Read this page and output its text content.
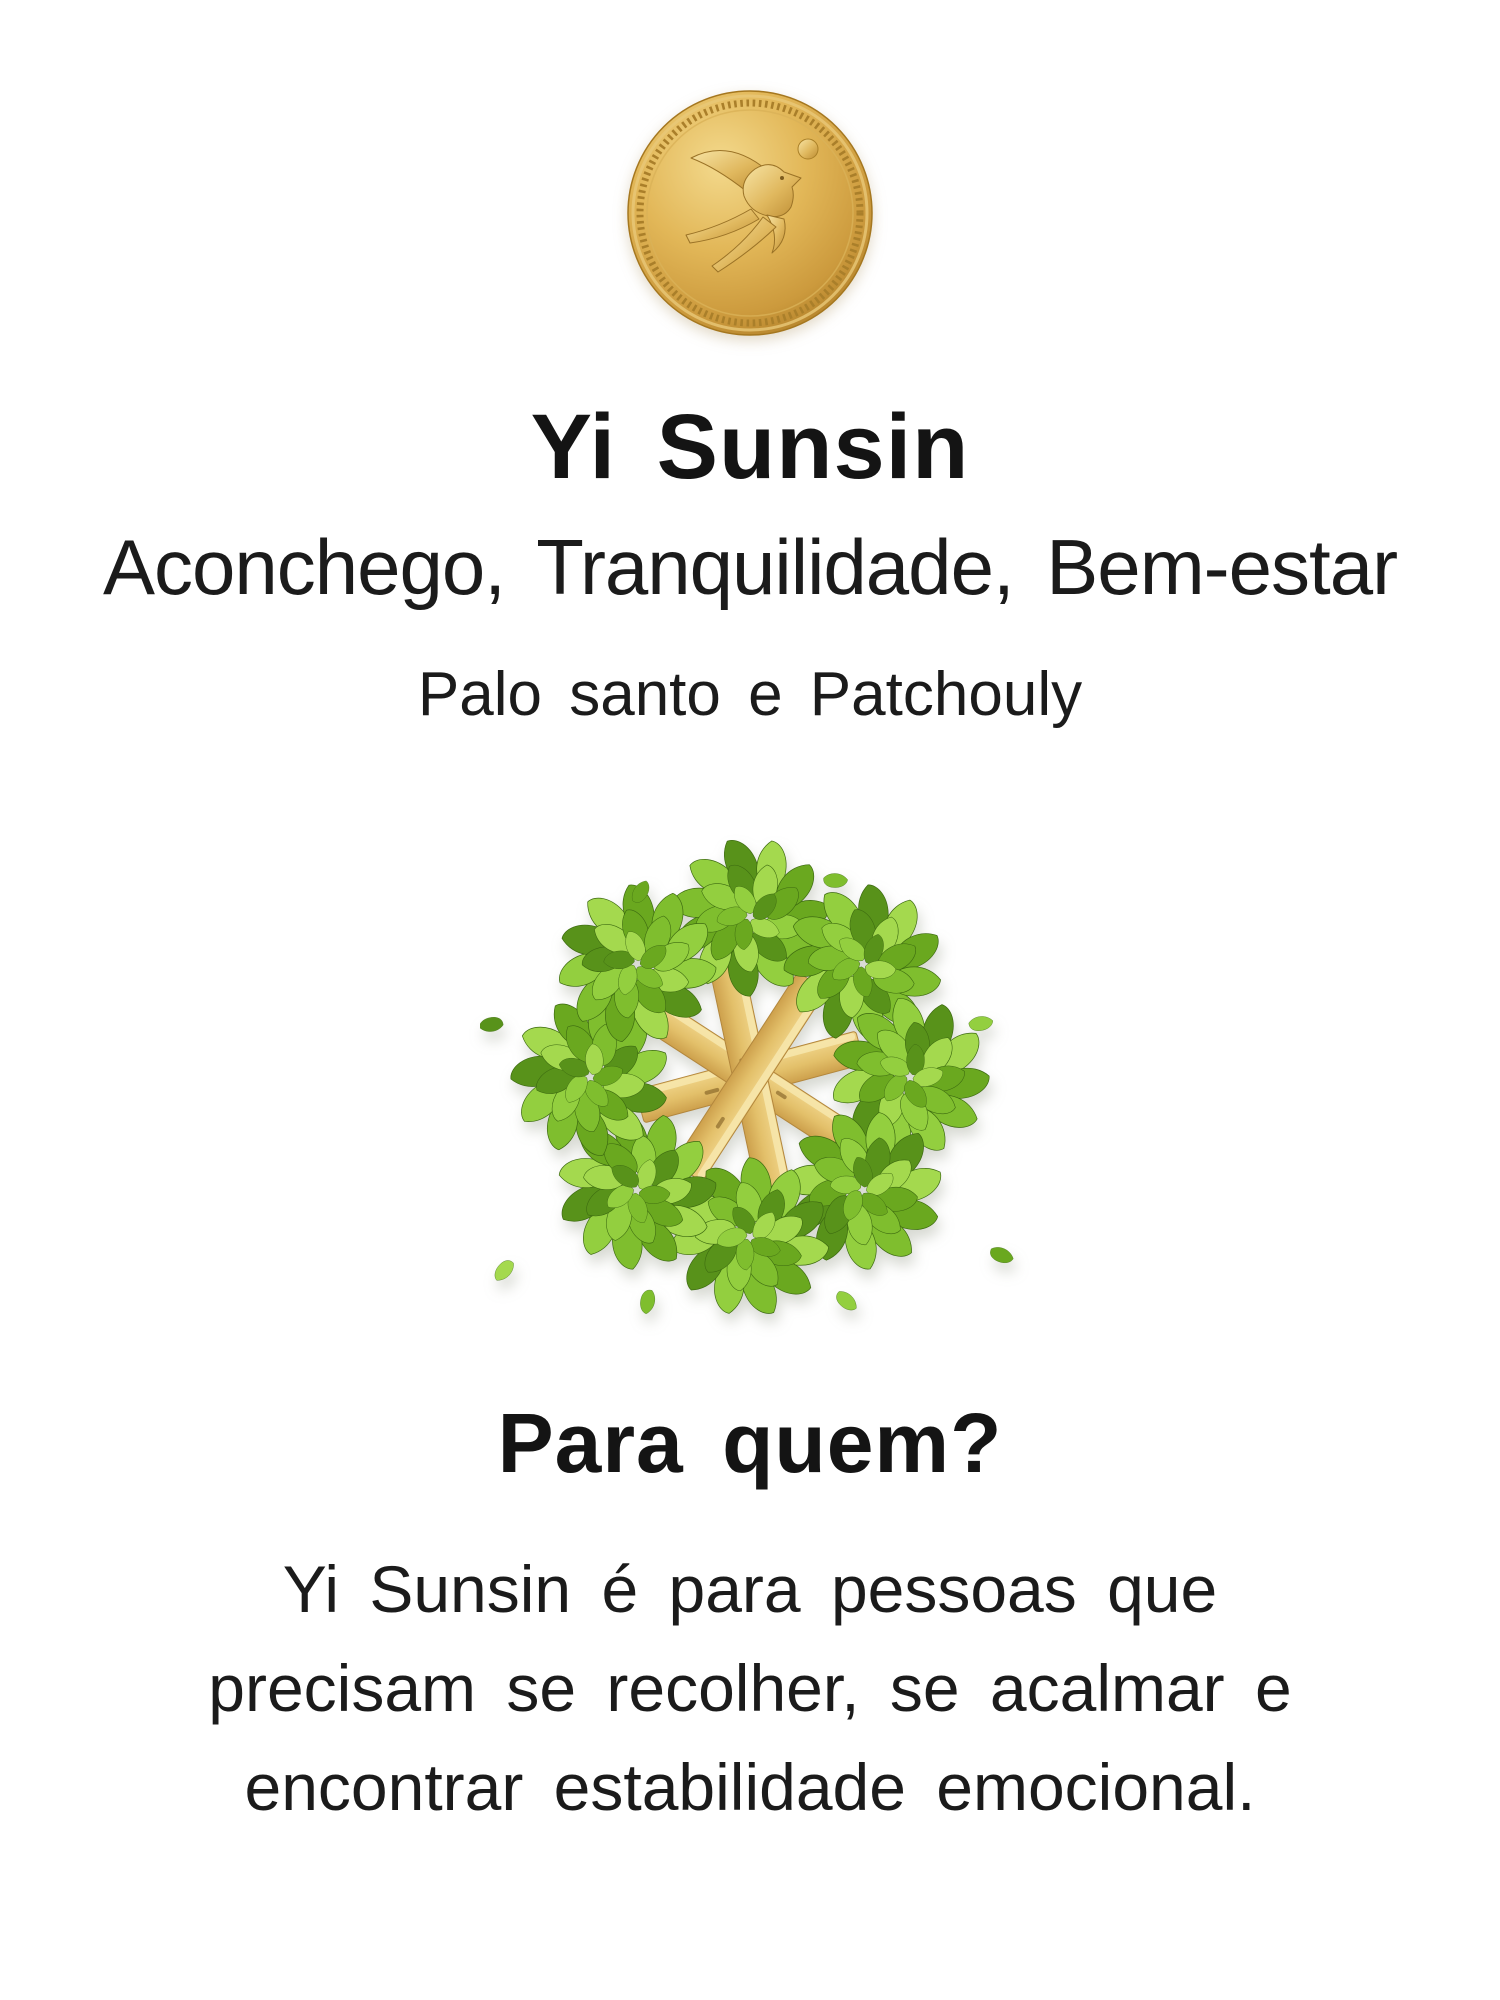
Yi Sunsin
Aconchego, Tranquilidade, Bem-estar
Palo santo e Patchouly
Para quem?
Yi Sunsin é para pessoas que
precisam se recolher, se acalmar e
encontrar estabilidade emocional.
